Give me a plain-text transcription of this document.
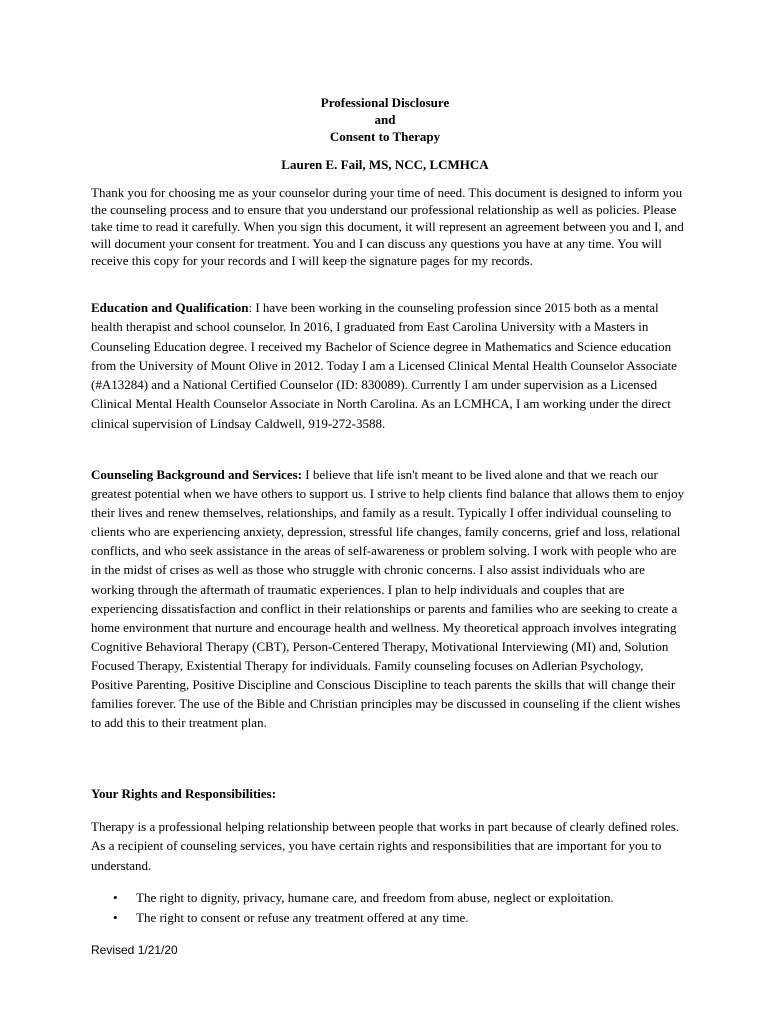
Professional Disclosure
and
Consent to Therapy
Lauren E. Fail, MS, NCC, LCMHCA

Thank you for choosing me as your counselor during your time of need. This document is designed to inform you the counseling process and to ensure that you understand our professional relationship as well as policies. Please take time to read it carefully. When you sign this document, it will represent an agreement between you and I, and will document your consent for treatment. You and I can discuss any questions you have at any time. You will receive this copy for your records and I will keep the signature pages for my records.

Education and Qualification: I have been working in the counseling profession since 2015 both as a mental health therapist and school counselor. In 2016, I graduated from East Carolina University with a Masters in Counseling Education degree. I received my Bachelor of Science degree in Mathematics and Science education from the University of Mount Olive in 2012. Today I am a Licensed Clinical Mental Health Counselor Associate (#A13284) and a National Certified Counselor (ID: 830089). Currently I am under supervision as a Licensed Clinical Mental Health Counselor Associate in North Carolina. As an LCMHCA, I am working under the direct clinical supervision of Lindsay Caldwell, 919-272-3588.

Counseling Background and Services: I believe that life isn't meant to be lived alone and that we reach our greatest potential when we have others to support us. I strive to help clients find balance that allows them to enjoy their lives and renew themselves, relationships, and family as a result. Typically I offer individual counseling to clients who are experiencing anxiety, depression, stressful life changes, family concerns, grief and loss, relational conflicts, and who seek assistance in the areas of self-awareness or problem solving. I work with people who are in the midst of crises as well as those who struggle with chronic concerns. I also assist individuals who are working through the aftermath of traumatic experiences. I plan to help individuals and couples that are experiencing dissatisfaction and conflict in their relationships or parents and families who are seeking to create a home environment that nurture and encourage health and wellness. My theoretical approach involves integrating Cognitive Behavioral Therapy (CBT), Person-Centered Therapy, Motivational Interviewing (MI) and, Solution Focused Therapy, Existential Therapy for individuals. Family counseling focuses on Adlerian Psychology, Positive Parenting, Positive Discipline and Conscious Discipline to teach parents the skills that will change their families forever. The use of the Bible and Christian principles may be discussed in counseling if the client wishes to add this to their treatment plan.

Your Rights and Responsibilities:

Therapy is a professional helping relationship between people that works in part because of clearly defined roles. As a recipient of counseling services, you have certain rights and responsibilities that are important for you to understand.

• The right to dignity, privacy, humane care, and freedom from abuse, neglect or exploitation.
• The right to consent or refuse any treatment offered at any time.
Revised 1/21/20
